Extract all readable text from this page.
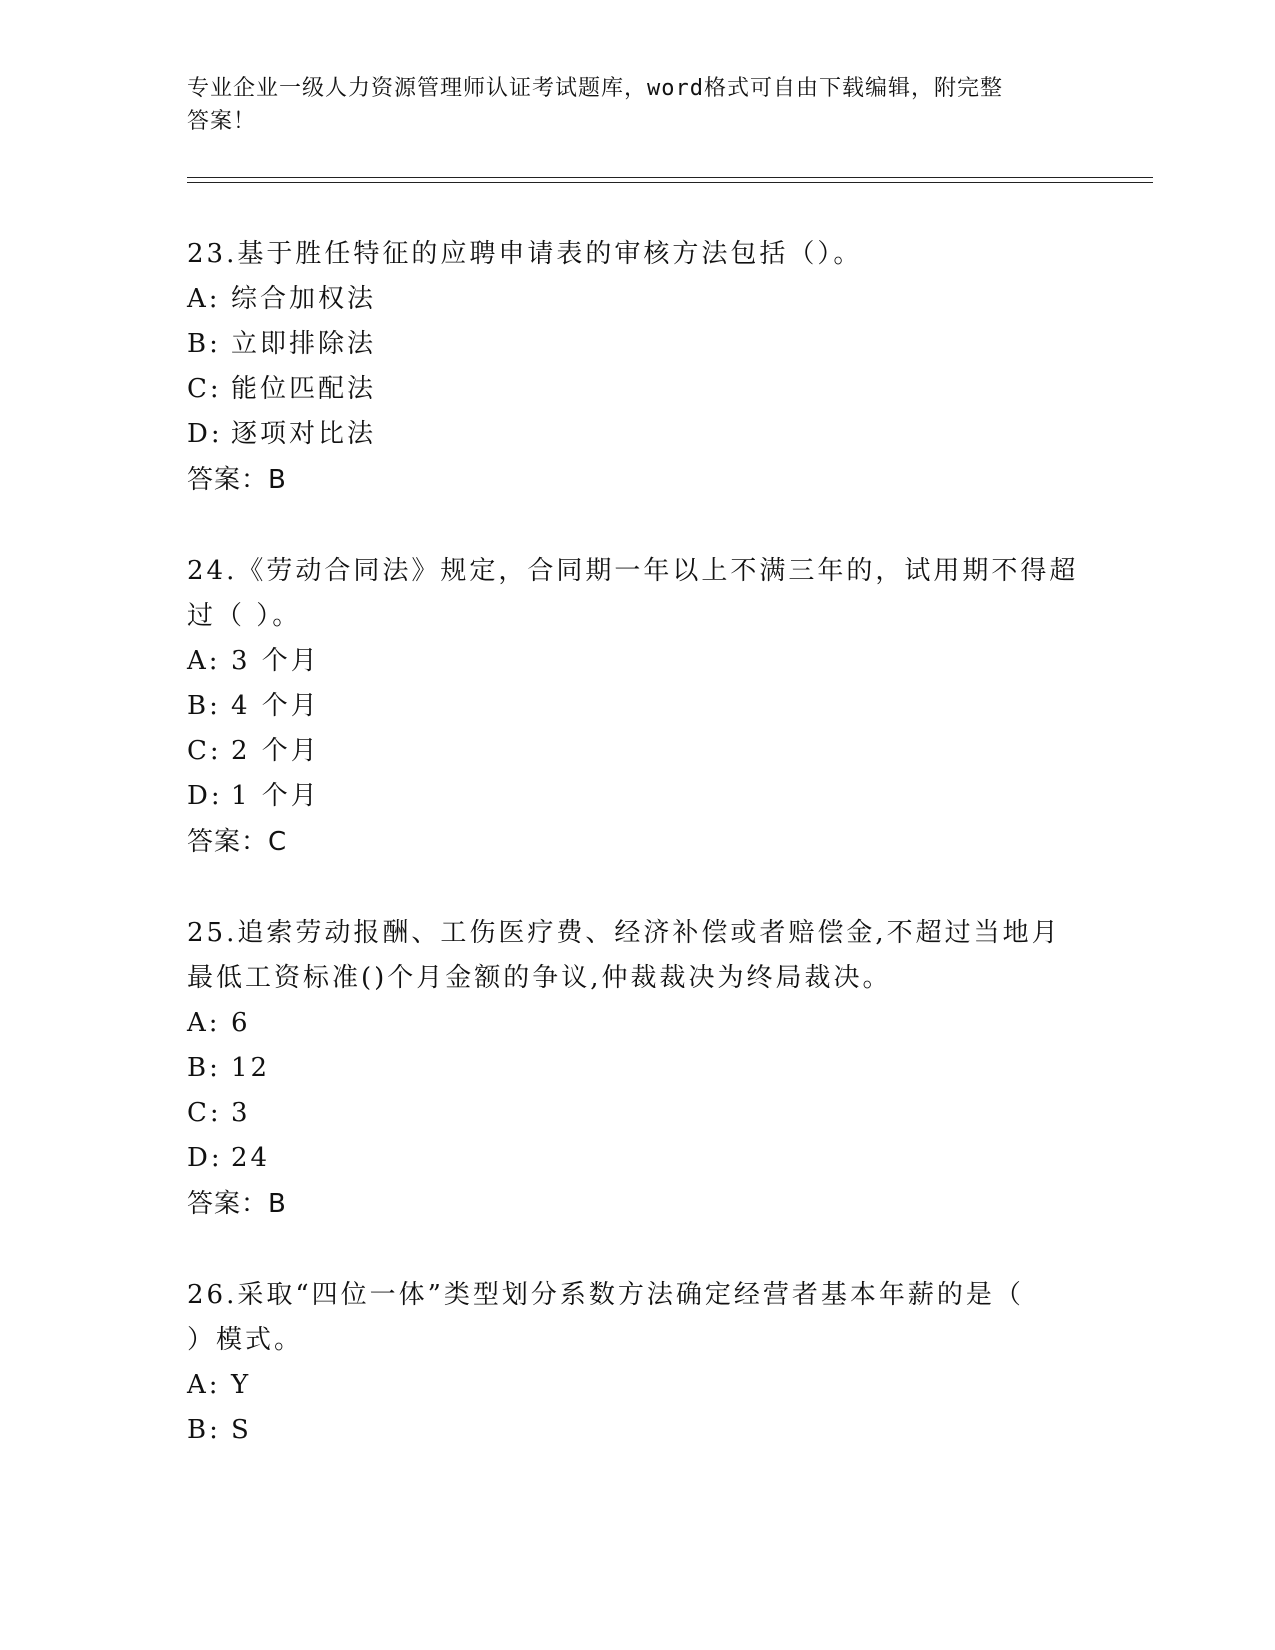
专业企业一级人力资源管理师认证考试题库，word格式可自由下载编辑，附完整
答案！
23.基于胜任特征的应聘申请表的审核方法包括（）。
A: 综合加权法
B: 立即排除法
C: 能位匹配法
D: 逐项对比法
答案：B
24.《劳动合同法》规定，合同期一年以上不满三年的，试用期不得超
过（ ）。
A: 3 个月
B: 4 个月
C: 2 个月
D: 1 个月
答案：C
25.追索劳动报酬、工伤医疗费、经济补偿或者赔偿金,不超过当地月
最低工资标准()个月金额的争议,仲裁裁决为终局裁决。
A: 6
B: 12
C: 3
D: 24
答案：B
26.采取“四位一体”类型划分系数方法确定经营者基本年薪的是（
）模式。
A: Y
B: S
